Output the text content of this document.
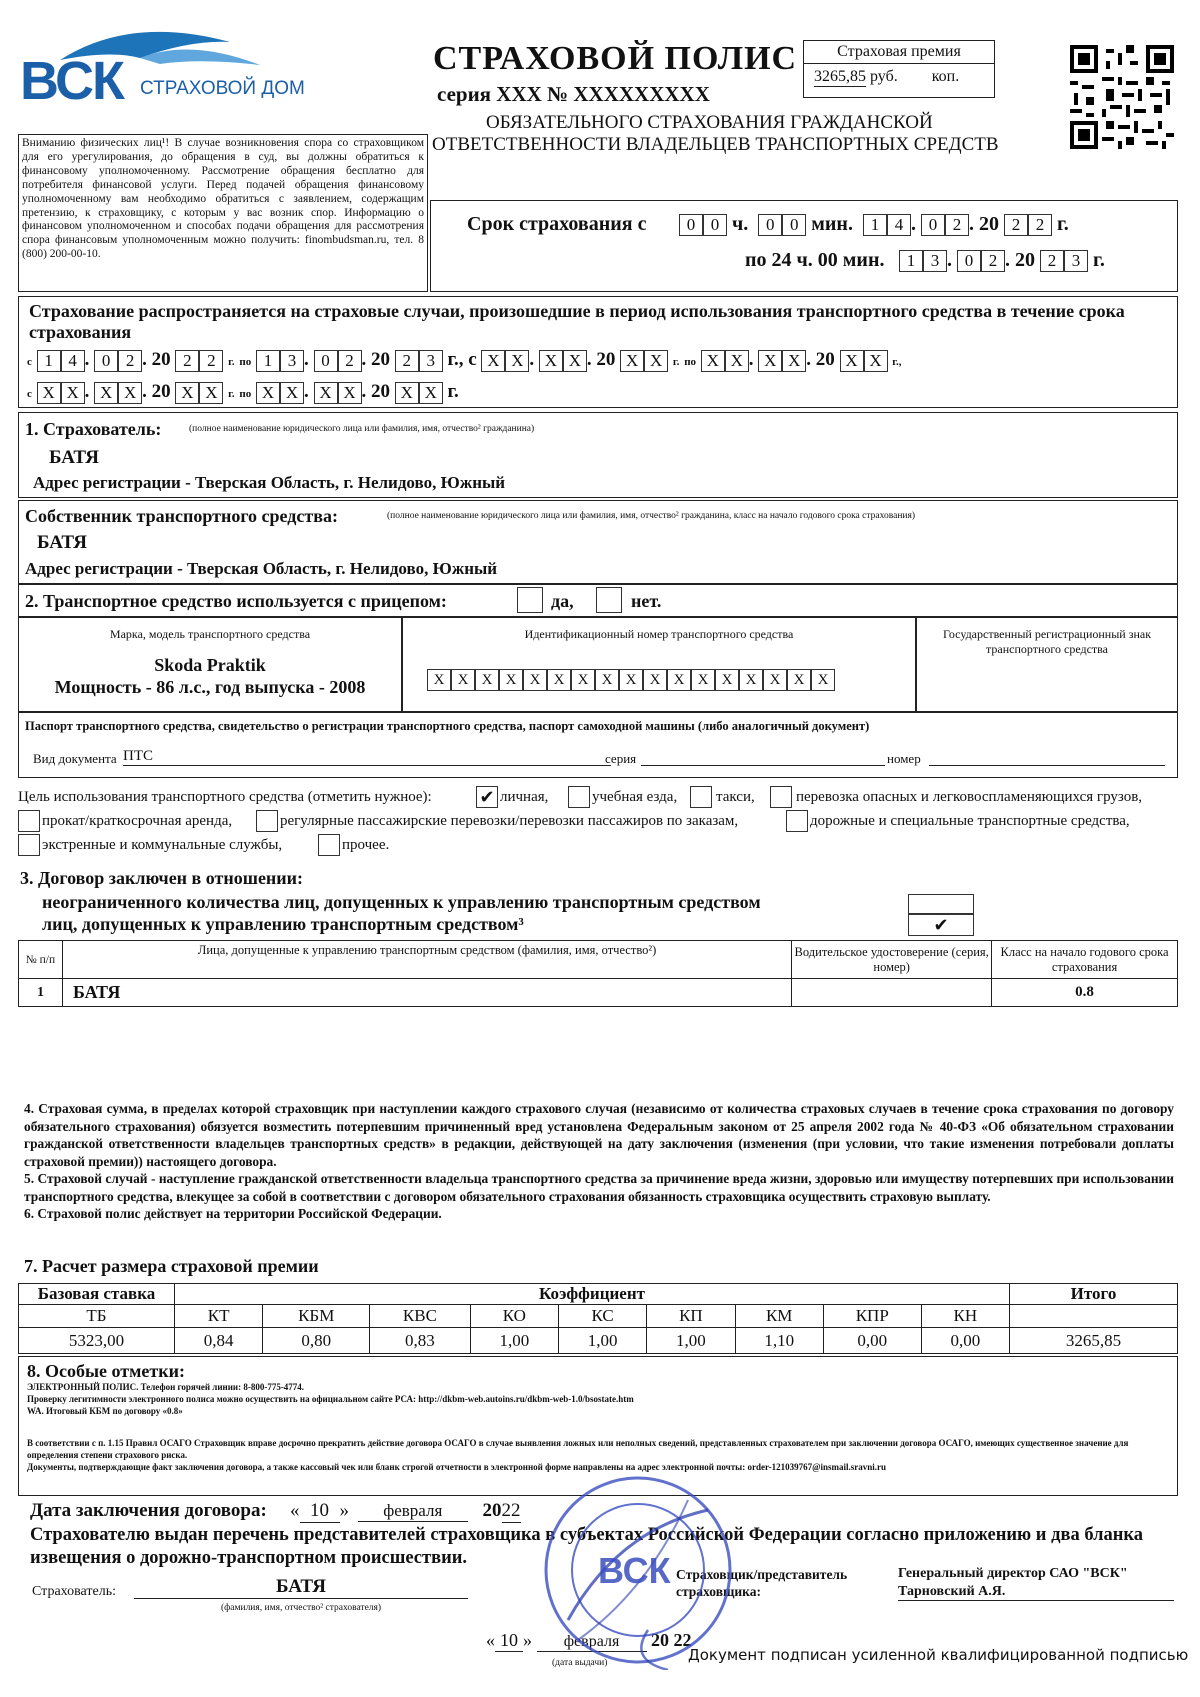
ВСК СТРАХОВОЙ ДОМ
СТРАХОВОЙ ПОЛИС
серия XXX № XXXXXXXXX
ОБЯЗАТЕЛЬНОГО СТРАХОВАНИЯ ГРАЖДАНСКОЙ
ОТВЕТСТВЕННОСТИ ВЛАДЕЛЬЦЕВ ТРАНСПОРТНЫХ СРЕДСТВ
Страховая премия
3265,85 руб. коп.
Вниманию физических лиц¹! В случае возникновения спора со страховщиком для его урегулирования, до обращения в суд, вы должны обратиться к финансовому уполномоченному. Рассмотрение обращения бесплатно для потребителя финансовой услуги. Перед подачей обращения финансовому уполномоченному вам необходимо обратиться с заявлением, содержащим претензию, к страховщику, с которым у вас возник спор. Информацию о финансовом уполномоченном и способах подачи обращения для рассмотрения спора финансовым уполномоченным можно получить: finombudsman.ru, тел. 8 (800) 200-00-10.
Срок страхования с	0 0 ч. 0 0 мин. 1 4 . 0 2 . 20 2 2 г.
по 24 ч. 00 мин.	1 3 . 0 2 . 20 2 3 г.
Страхование распространяется на страховые случаи, произошедшие в период использования транспортного средства в течение срока страхования
с 1 4 . 0 2 . 20 2 2 г. по 1 3 . 0 2 . 20 2 3 г., с X X . X X . 20 X X г. по X X . X X . 20 X X г.,
с X X . X X . 20 X X г. по X X . X X . 20 X X г.
1. Страхователь:	(полное наименование юридического лица или фамилия, имя, отчество² гражданина)
БАТЯ
Адрес регистрации - Тверская Область, г. Нелидово, Южный
Собственник транспортного средства:	(полное наименование юридического лица или фамилия, имя, отчество² гражданина, класс на начало годового срока страхования)
БАТЯ
Адрес регистрации - Тверская Область, г. Нелидово, Южный
2. Транспортное средство используется с прицепом:	да,	нет.
Марка, модель транспортного средства	Идентификационный номер транспортного средства	Государственный регистрационный знак транспортного средства
Skoda Praktik
Мощность - 86 л.с., год выпуска - 2008	X X X X X X X X X X X X X X X X X
Паспорт транспортного средства, свидетельство о регистрации транспортного средства, паспорт самоходной машины (либо аналогичный документ)
Вид документа ПТС	серия	номер
Цель использования транспортного средства (отметить нужное):	✔ личная,	учебная езда,	такси,	перевозка опасных и легковоспламеняющихся грузов,
прокат/краткосрочная аренда,	регулярные пассажирские перевозки/перевозки пассажиров по заказам,	дорожные и специальные транспортные средства,
экстренные и коммунальные службы,	прочее.
3. Договор заключен в отношении:
неограниченного количества лиц, допущенных к управлению транспортным средством
лиц, допущенных к управлению транспортным средством³	✔
№ п/п	Лица, допущенные к управлению транспортным средством (фамилия, имя, отчество²)	Водительское удостоверение (серия, номер)	Класс на начало годового срока страхования
1	БАТЯ		0.8
4. Страховая сумма, в пределах которой страховщик при наступлении каждого страхового случая (независимо от количества страховых случаев в течение срока страхования по договору обязательного страхования) обязуется возместить потерпевшим причиненный вред установлена Федеральным законом от 25 апреля 2002 года № 40-ФЗ «Об обязательном страховании гражданской ответственности владельцев транспортных средств» в редакции, действующей на дату заключения (изменения (при условии, что такие изменения потребовали доплаты страховой премии)) настоящего договора.
5. Страховой случай - наступление гражданской ответственности владельца транспортного средства за причинение вреда жизни, здоровью или имуществу потерпевших при использовании транспортного средства, влекущее за собой в соответствии с договором обязательного страхования обязанность страховщика осуществить страховую выплату.
6. Страховой полис действует на территории Российской Федерации.
7. Расчет размера страховой премии
Базовая ставка	Коэффициент									Итого
ТБ	КТ	КБМ	КВС	КО	КС	КП	КМ	КПР	КН	
5323,00	0,84	0,80	0,83	1,00	1,00	1,00	1,10	0,00	0,00	3265,85
8. Особые отметки:
ЭЛЕКТРОННЫЙ ПОЛИС. Телефон горячей линии: 8-800-775-4774.
Проверку легитимности электронного полиса можно осуществить на официальном сайте РСА: http://dkbm-web.autoins.ru/dkbm-web-1.0/bsostate.htm
WA. Итоговый КБМ по договору «0.8»
В соответствии с п. 1.15 Правил ОСАГО Страховщик вправе досрочно прекратить действие договора ОСАГО в случае выявления ложных или неполных сведений, представленных страхователем при заключении договора ОСАГО, имеющих существенное значение для определения степени страхового риска.
Документы, подтверждающие факт заключения договора, а также кассовый чек или бланк строгой отчетности в электронной форме направлены на адрес электронной почты: order-121039767@insmail.sravni.ru
Дата заключения договора: « 10 » февраля 2022
Страхователю выдан перечень представителей страховщика в субъектах Российской Федерации согласно приложению и два бланка извещения о дорожно-транспортном происшествии.
Страхователь:	БАТЯ
(фамилия, имя, отчество² страхователя)
Страховщик/представитель страховщика:
Генеральный директор САО "ВСК"
Тарновский А.Я.
« 10 » февраля 20 22
(дата выдачи)	Документ подписан усиленной квалифицированной подписью
ВСК
